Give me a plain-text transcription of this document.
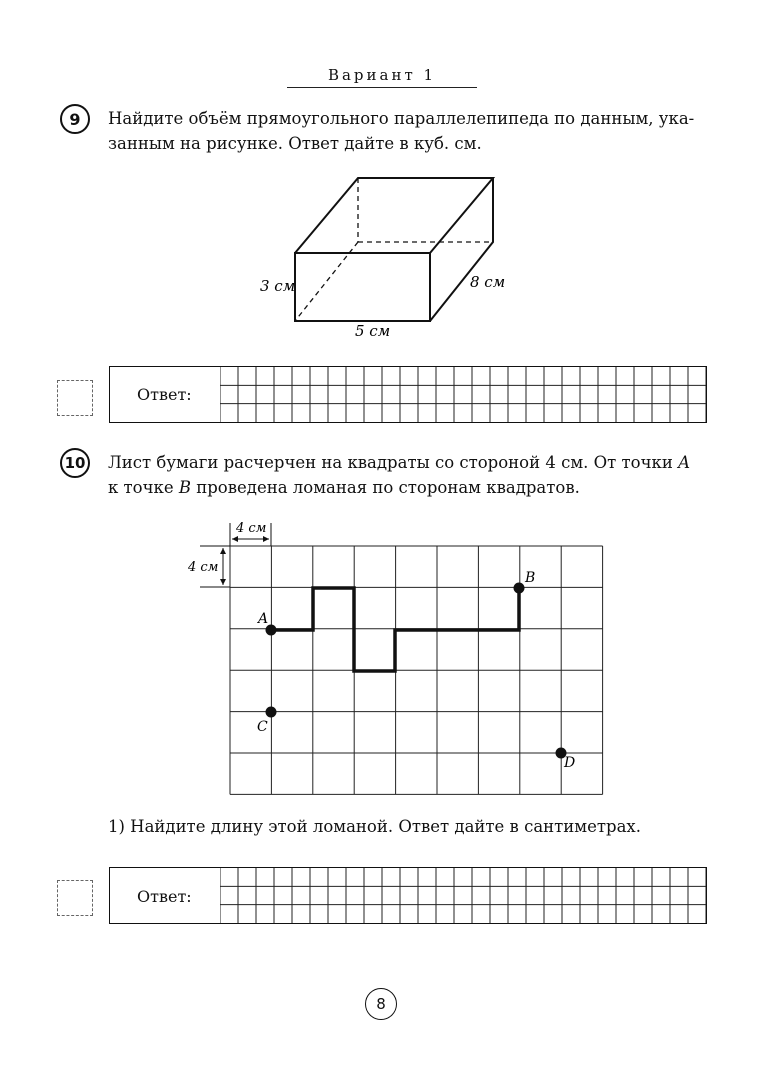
Вариант 1
9	Найдите объём прямоугольного параллелепипеда по данным, ука-
занным на рисунке. Ответ дайте в куб. см.
3 см
5 см
8 см
Ответ:
10 Лист бумаги расчерчен на квадраты со стороной 4 см. От точки A
к точке B проведена ломаная по сторонам квадратов.
4 см
4 см
A
B
C
D
1) Найдите длину этой ломаной. Ответ дайте в сантиметрах.
Ответ:
8
